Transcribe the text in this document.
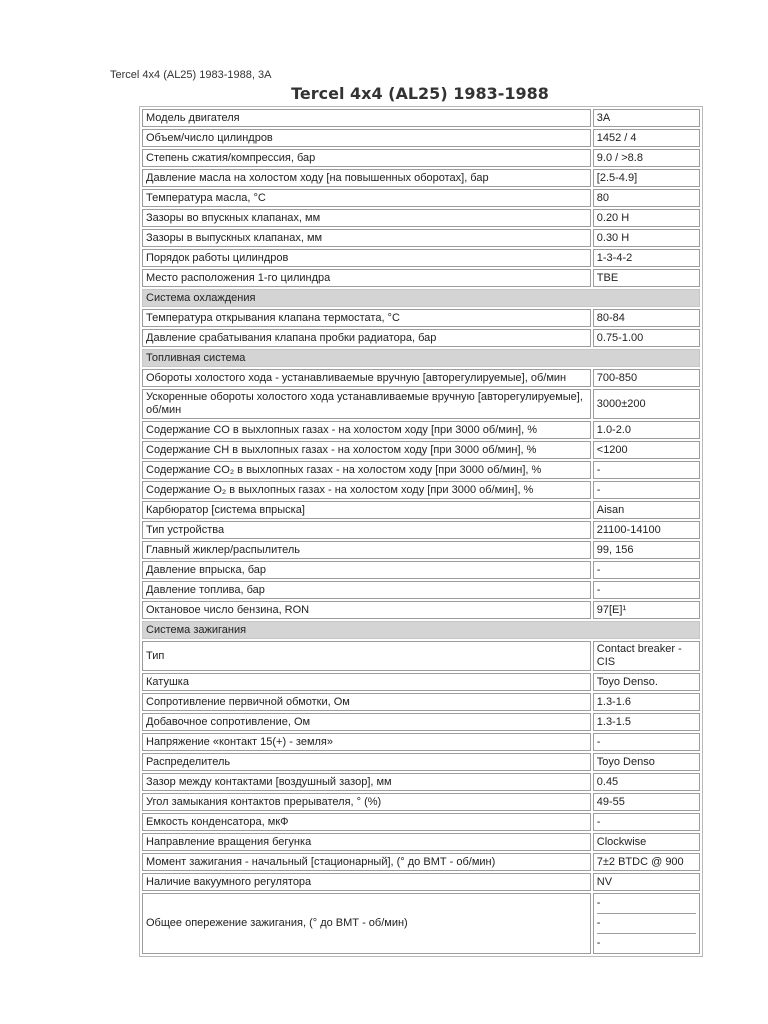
Tercel 4x4 (AL25) 1983-1988, 3A
Tercel 4x4 (AL25) 1983-1988
Модель двигателя	3A
Объем/число цилиндров	1452 / 4
Степень сжатия/компрессия, бар	9.0 / >8.8
Давление масла на холостом ходу [на повышенных оборотах], бар	[2.5-4.9]
Температура масла, °C	80
Зазоры во впускных клапанах, мм	0.20 H
Зазоры в выпускных клапанах, мм	0.30 H
Порядок работы цилиндров	1-3-4-2
Место расположения 1-го цилиндра	TBE
Система охлаждения	
Температура открывания клапана термостата, °C	80-84
Давление срабатывания клапана пробки радиатора, бар	0.75-1.00
Топливная система	
Обороты холостого хода - устанавливаемые вручную [авторегулируемые], об/мин	700-850
Ускоренные обороты холостого хода устанавливаемые вручную [авторегулируемые], об/мин	3000±200
Содержание CO в выхлопных газах - на холостом ходу [при 3000 об/мин], %	1.0-2.0
Содержание CH в выхлопных газах - на холостом ходу [при 3000 об/мин], %	<1200
Содержание CO₂ в выхлопных газах - на холостом ходу [при 3000 об/мин], %	-
Содержание O₂ в выхлопных газах - на холостом ходу [при 3000 об/мин], %	-
Карбюратор [система впрыска]	Aisan
Тип устройства	21100-14100
Главный жиклер/распылитель	99, 156
Давление впрыска, бар	-
Давление топлива, бар	-
Октановое число бензина, RON	97[E]¹
Система зажигания	
Тип	Contact breaker - CIS
Катушка	Toyo Denso.
Сопротивление первичной обмотки, Ом	1.3-1.6
Добавочное сопротивление, Ом	1.3-1.5
Напряжение «контакт 15(+) - земля»	-
Распределитель	Toyo Denso
Зазор между контактами [воздушный зазор], мм	0.45
Угол замыкания контактов прерывателя, ° (%)	49-55
Емкость конденсатора, мкФ	-
Направление вращения бегунка	Clockwise
Момент зажигания - начальный [стационарный], (° до ВМТ - об/мин)	7±2 BTDC @ 900
Наличие вакуумного регулятора	NV
Общее опережение зажигания, (° до ВМТ - об/мин)	-
-
-
